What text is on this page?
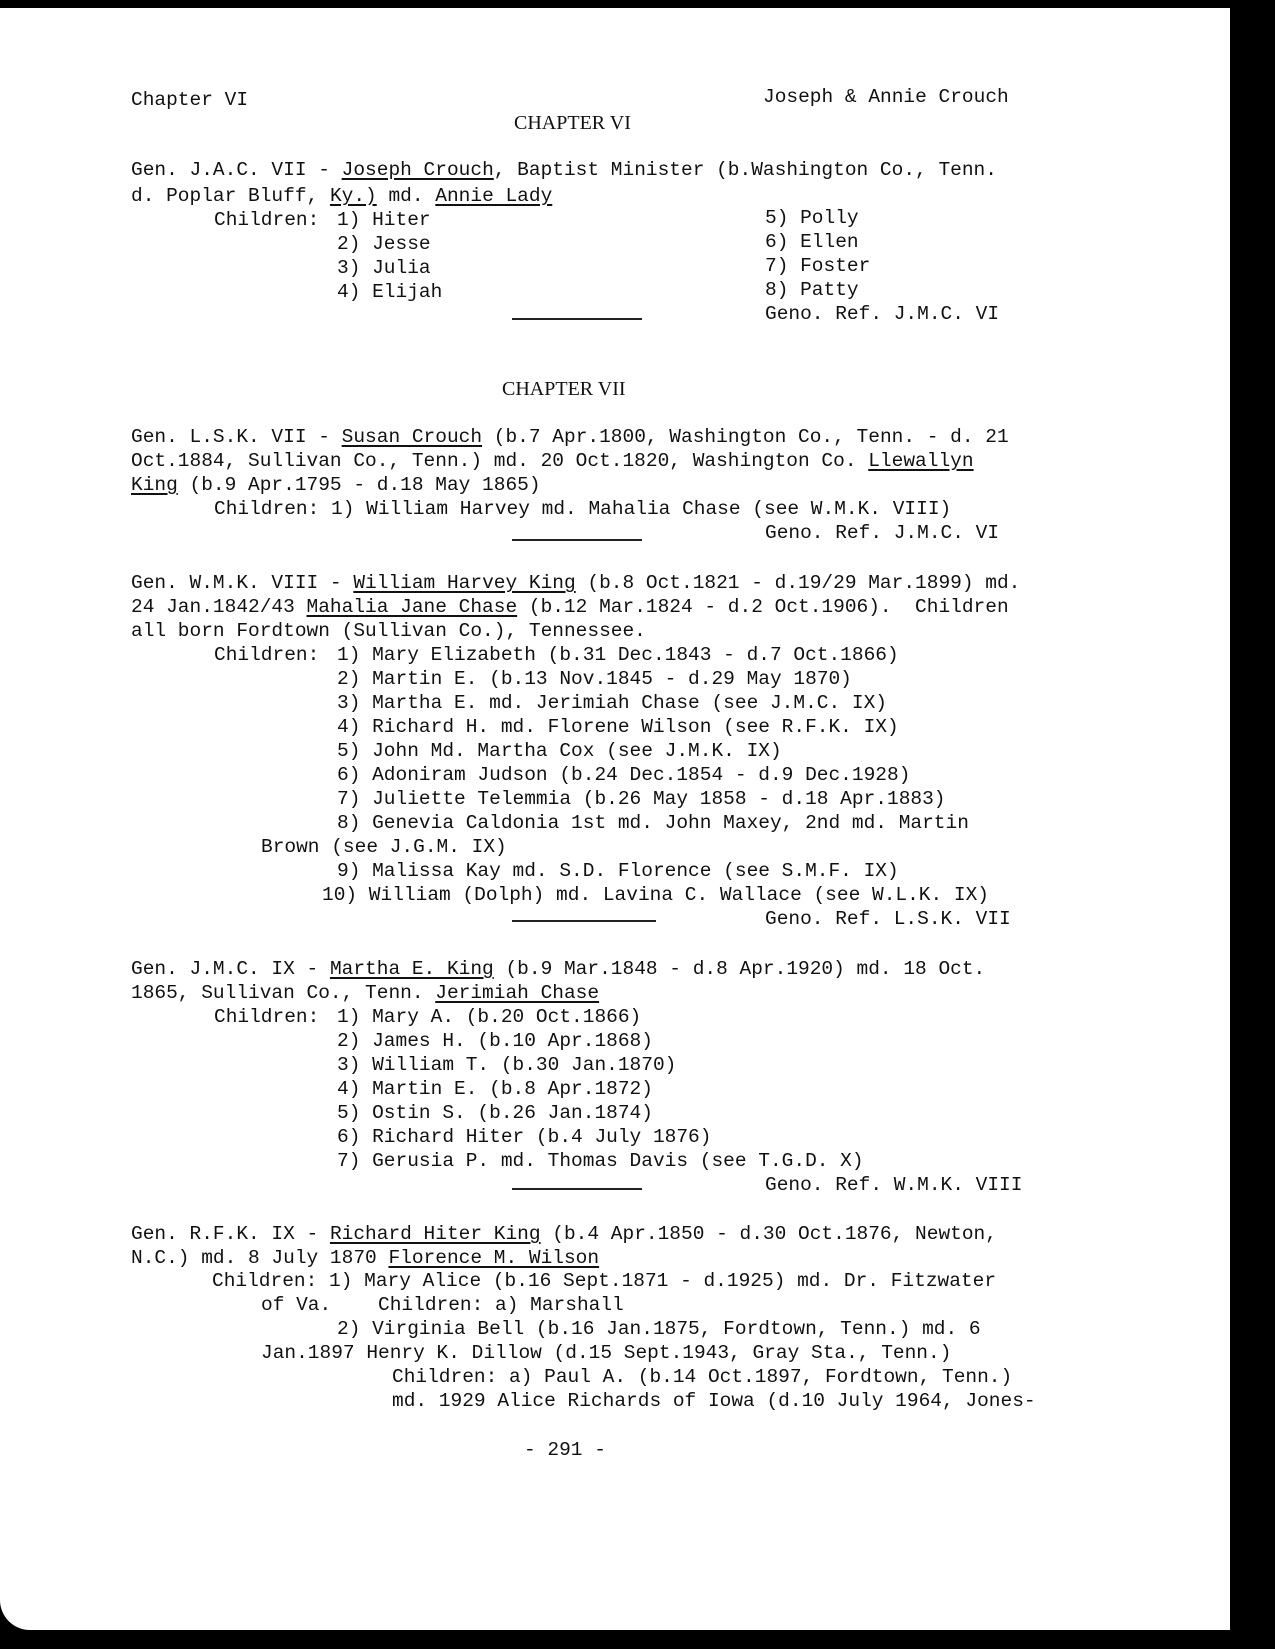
Chapter VI	Joseph & Annie Crouch
CHAPTER VI
Gen. J.A.C. VII - Joseph Crouch, Baptist Minister (b.Washington Co., Tenn.
d. Poplar Bluff, Ky.) md. Annie Lady
Children: 1) Hiter
2) Jesse
3) Julia
4) Elijah
5) Polly
6) Ellen
7) Foster
8) Patty
Geno. Ref. J.M.C. VI
CHAPTER VII
Gen. L.S.K. VII - Susan Crouch (b.7 Apr.1800, Washington Co., Tenn. - d. 21
Oct.1884, Sullivan Co., Tenn.) md. 20 Oct.1820, Washington Co. Llewallyn
King (b.9 Apr.1795 - d.18 May 1865)
Children: 1) William Harvey md. Mahalia Chase (see W.M.K. VIII)
Geno. Ref. J.M.C. VI
Gen. W.M.K. VIII - William Harvey King (b.8 Oct.1821 - d.19/29 Mar.1899) md.
24 Jan.1842/43 Mahalia Jane Chase (b.12 Mar.1824 - d.2 Oct.1906).  Children
all born Fordtown (Sullivan Co.), Tennessee.
Children: 1) Mary Elizabeth (b.31 Dec.1843 - d.7 Oct.1866)
2) Martin E. (b.13 Nov.1845 - d.29 May 1870)
3) Martha E. md. Jerimiah Chase (see J.M.C. IX)
4) Richard H. md. Florene Wilson (see R.F.K. IX)
5) John Md. Martha Cox (see J.M.K. IX)
6) Adoniram Judson (b.24 Dec.1854 - d.9 Dec.1928)
7) Juliette Telemmia (b.26 May 1858 - d.18 Apr.1883)
8) Genevia Caldonia 1st md. John Maxey, 2nd md. Martin
Brown (see J.G.M. IX)
9) Malissa Kay md. S.D. Florence (see S.M.F. IX)
10) William (Dolph) md. Lavina C. Wallace (see W.L.K. IX)
Geno. Ref. L.S.K. VII
Gen. J.M.C. IX - Martha E. King (b.9 Mar.1848 - d.8 Apr.1920) md. 18 Oct.
1865, Sullivan Co., Tenn. Jerimiah Chase
Children: 1) Mary A. (b.20 Oct.1866)
2) James H. (b.10 Apr.1868)
3) William T. (b.30 Jan.1870)
4) Martin E. (b.8 Apr.1872)
5) Ostin S. (b.26 Jan.1874)
6) Richard Hiter (b.4 July 1876)
7) Gerusia P. md. Thomas Davis (see T.G.D. X)
Geno. Ref. W.M.K. VIII
Gen. R.F.K. IX - Richard Hiter King (b.4 Apr.1850 - d.30 Oct.1876, Newton,
N.C.) md. 8 July 1870 Florence M. Wilson
Children: 1) Mary Alice (b.16 Sept.1871 - d.1925) md. Dr. Fitzwater
of Va.    Children: a) Marshall
2) Virginia Bell (b.16 Jan.1875, Fordtown, Tenn.) md. 6
Jan.1897 Henry K. Dillow (d.15 Sept.1943, Gray Sta., Tenn.)
Children: a) Paul A. (b.14 Oct.1897, Fordtown, Tenn.)
md. 1929 Alice Richards of Iowa (d.10 July 1964, Jones-
- 291 -
